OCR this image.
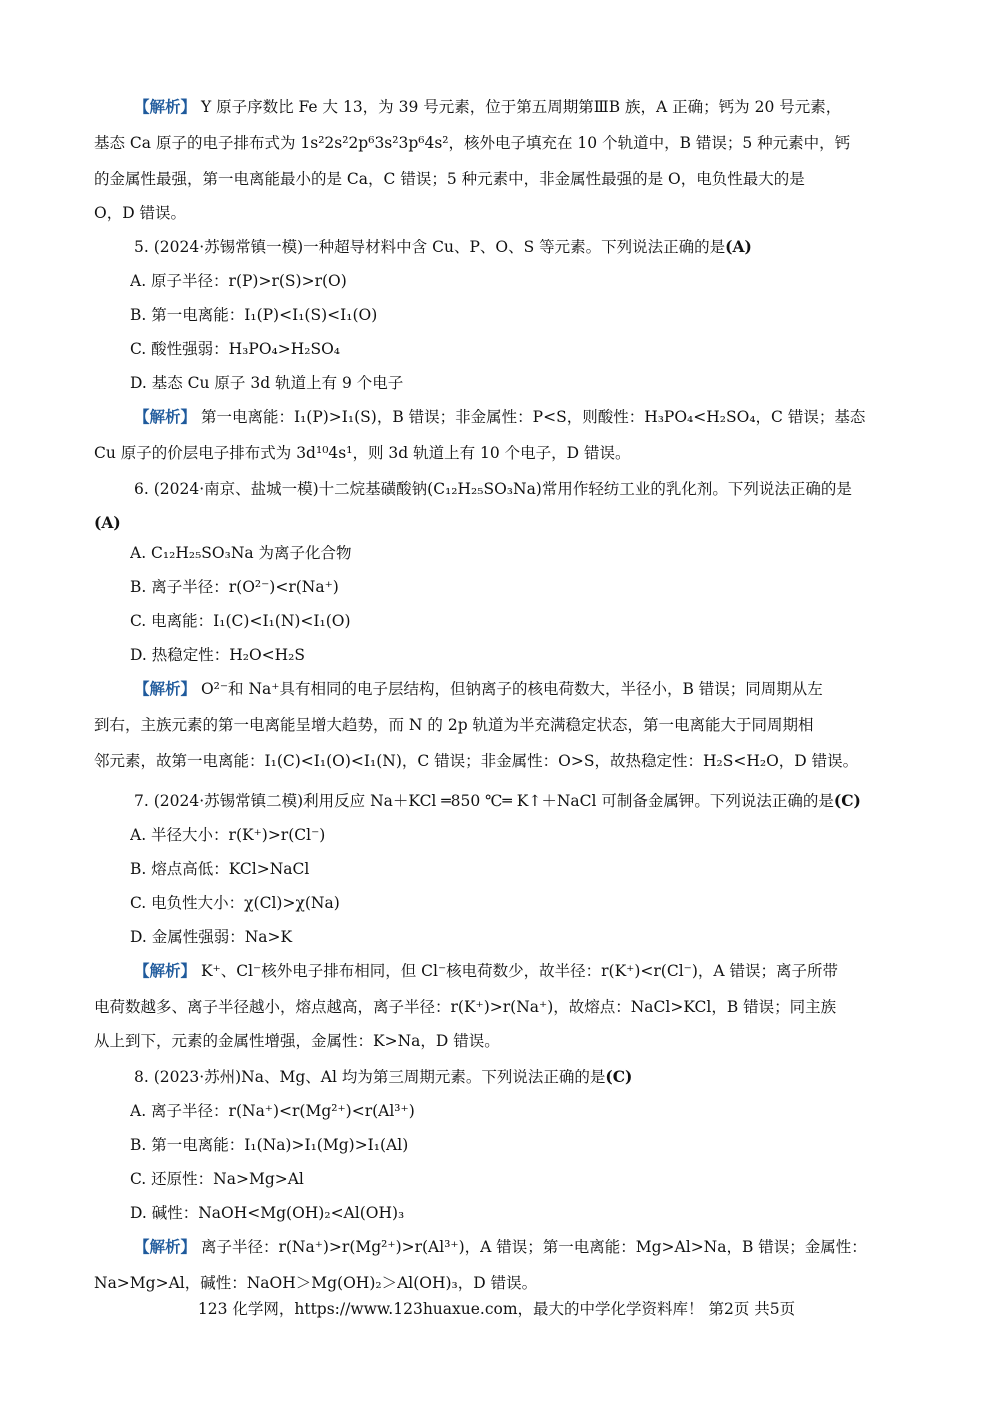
【解析】 Y 原子序数比 Fe 大 13，为 39 号元素，位于第五周期第ⅢB 族，A 正确；钙为 20 号元素，
基态 Ca 原子的电子排布式为 1s²2s²2p⁶3s²3p⁶4s²，核外电子填充在 10 个轨道中，B 错误；5 种元素中，钙
的金属性最强，第一电离能最小的是 Ca，C 错误；5 种元素中，非金属性最强的是 O，电负性最大的是
O，D 错误。
5. (2024·苏锡常镇一模)一种超导材料中含 Cu、P、O、S 等元素。下列说法正确的是(A)
A. 原子半径：r(P)>r(S)>r(O)
B. 第一电离能：I₁(P)<I₁(S)<I₁(O)
C. 酸性强弱：H₃PO₄>H₂SO₄
D. 基态 Cu 原子 3d 轨道上有 9 个电子
【解析】 第一电离能：I₁(P)>I₁(S)，B 错误；非金属性：P<S，则酸性：H₃PO₄<H₂SO₄，C 错误；基态
Cu 原子的价层电子排布式为 3d¹⁰4s¹，则 3d 轨道上有 10 个电子，D 错误。
6. (2024·南京、盐城一模)十二烷基磺酸钠(C₁₂H₂₅SO₃Na)常用作轻纺工业的乳化剂。下列说法正确的是
(A)
A. C₁₂H₂₅SO₃Na 为离子化合物
B. 离子半径：r(O²⁻)<r(Na⁺)
C. 电离能：I₁(C)<I₁(N)<I₁(O)
D. 热稳定性：H₂O<H₂S
【解析】 O²⁻和 Na⁺具有相同的电子层结构，但钠离子的核电荷数大，半径小，B 错误；同周期从左
到右，主族元素的第一电离能呈增大趋势，而 N 的 2p 轨道为半充满稳定状态，第一电离能大于同周期相
邻元素，故第一电离能：I₁(C)<I₁(O)<I₁(N)，C 错误；非金属性：O>S，故热稳定性：H₂S<H₂O，D 错误。
7. (2024·苏锡常镇二模)利用反应 Na＋KCl ═850 ℃═ K↑＋NaCl 可制备金属钾。下列说法正确的是(C)
A. 半径大小：r(K⁺)>r(Cl⁻)
B. 熔点高低：KCl>NaCl
C. 电负性大小：χ(Cl)>χ(Na)
D. 金属性强弱：Na>K
【解析】 K⁺、Cl⁻核外电子排布相同，但 Cl⁻核电荷数少，故半径：r(K⁺)<r(Cl⁻)，A 错误；离子所带
电荷数越多、离子半径越小，熔点越高，离子半径：r(K⁺)>r(Na⁺)，故熔点：NaCl>KCl，B 错误；同主族
从上到下，元素的金属性增强，金属性：K>Na，D 错误。
8. (2023·苏州)Na、Mg、Al 均为第三周期元素。下列说法正确的是(C)
A. 离子半径：r(Na⁺)<r(Mg²⁺)<r(Al³⁺)
B. 第一电离能：I₁(Na)>I₁(Mg)>I₁(Al)
C. 还原性：Na>Mg>Al
D. 碱性：NaOH<Mg(OH)₂<Al(OH)₃
【解析】 离子半径：r(Na⁺)>r(Mg²⁺)>r(Al³⁺)，A 错误；第一电离能：Mg>Al>Na，B 错误；金属性：
Na>Mg>Al，碱性：NaOH＞Mg(OH)₂＞Al(OH)₃，D 错误。
123 化学网，https://www.123huaxue.com，最大的中学化学资料库！ 第2页 共5页
